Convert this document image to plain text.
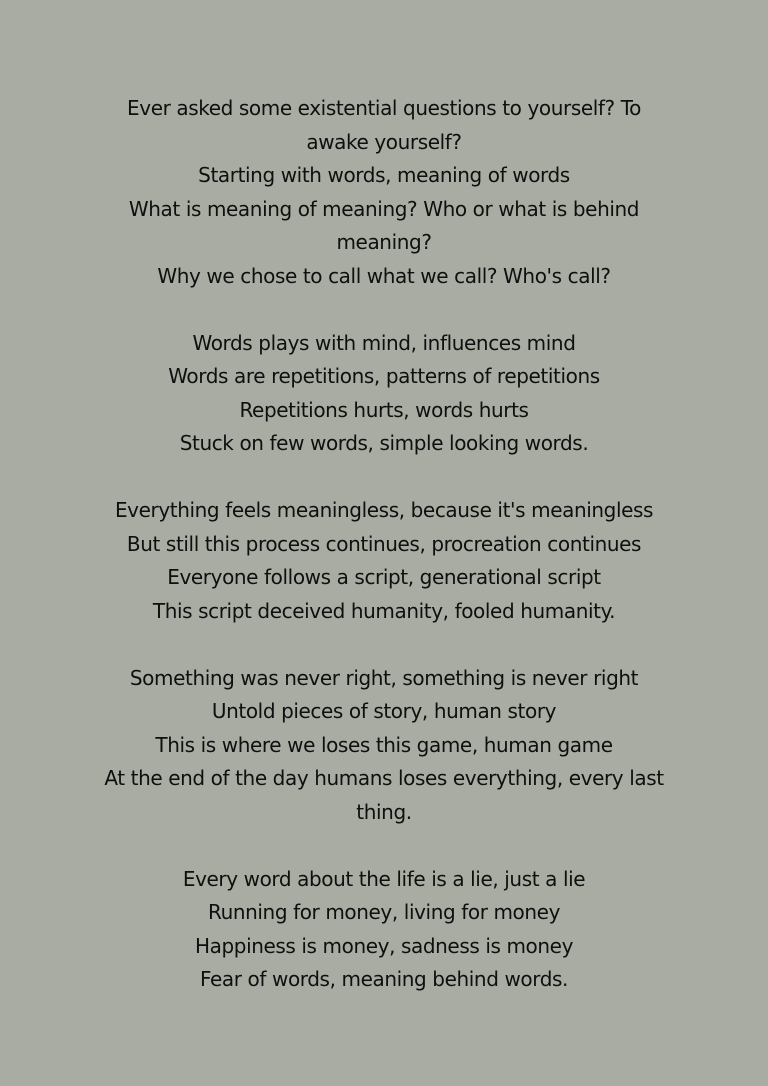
Ever asked some existential questions to yourself? To awake yourself?
Starting with words, meaning of words
What is meaning of meaning? Who or what is behind meaning?
Why we chose to call what we call? Who's call?
Words plays with mind, influences mind
Words are repetitions, patterns of repetitions
Repetitions hurts, words hurts
Stuck on few words, simple looking words.
Everything feels meaningless, because it's meaningless
But still this process continues, procreation continues
Everyone follows a script, generational script
This script deceived humanity, fooled humanity.
Something was never right, something is never right
Untold pieces of story, human story
This is where we loses this game, human game
At the end of the day humans loses everything, every last thing.
Every word about the life is a lie, just a lie
Running for money, living for money
Happiness is money, sadness is money
Fear of words, meaning behind words.
